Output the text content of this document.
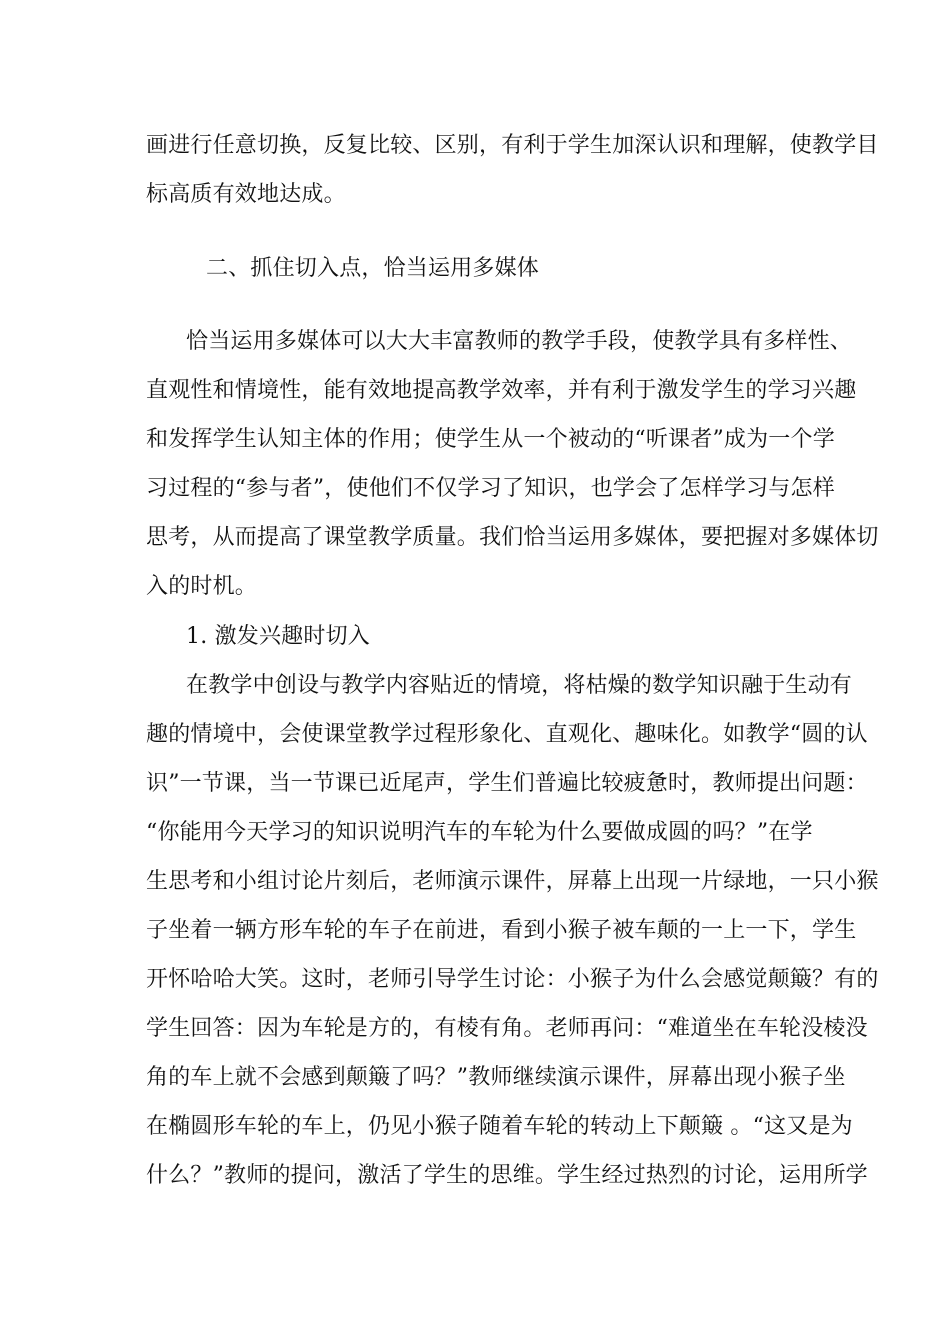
画进行任意切换，反复比较、区别，有利于学生加深认识和理解，使教学目
标高质有效地达成。
二、抓住切入点，恰当运用多媒体
恰当运用多媒体可以大大丰富教师的教学手段，使教学具有多样性、
直观性和情境性，能有效地提高教学效率，并有利于激发学生的学习兴趣
和发挥学生认知主体的作用；使学生从一个被动的“听课者”成为一个学
习过程的“参与者”，使他们不仅学习了知识，也学会了怎样学习与怎样
思考，从而提高了课堂教学质量。我们恰当运用多媒体，要把握对多媒体切
入的时机。
1. 激发兴趣时切入
在教学中创设与教学内容贴近的情境，将枯燥的数学知识融于生动有
趣的情境中，会使课堂教学过程形象化、直观化、趣味化。如教学“圆的认
识”一节课，当一节课已近尾声，学生们普遍比较疲惫时，教师提出问题：
“你能用今天学习的知识说明汽车的车轮为什么要做成圆的吗？”在学
生思考和小组讨论片刻后，老师演示课件，屏幕上出现一片绿地，一只小猴
子坐着一辆方形车轮的车子在前进，看到小猴子被车颠的一上一下，学生
开怀哈哈大笑。这时，老师引导学生讨论：小猴子为什么会感觉颠簸？有的
学生回答：因为车轮是方的，有棱有角。老师再问：“难道坐在车轮没棱没
角的车上就不会感到颠簸了吗？”教师继续演示课件，屏幕出现小猴子坐
在椭圆形车轮的车上，仍见小猴子随着车轮的转动上下颠簸 。“这又是为
什么？”教师的提问，激活了学生的思维。学生经过热烈的讨论，运用所学
